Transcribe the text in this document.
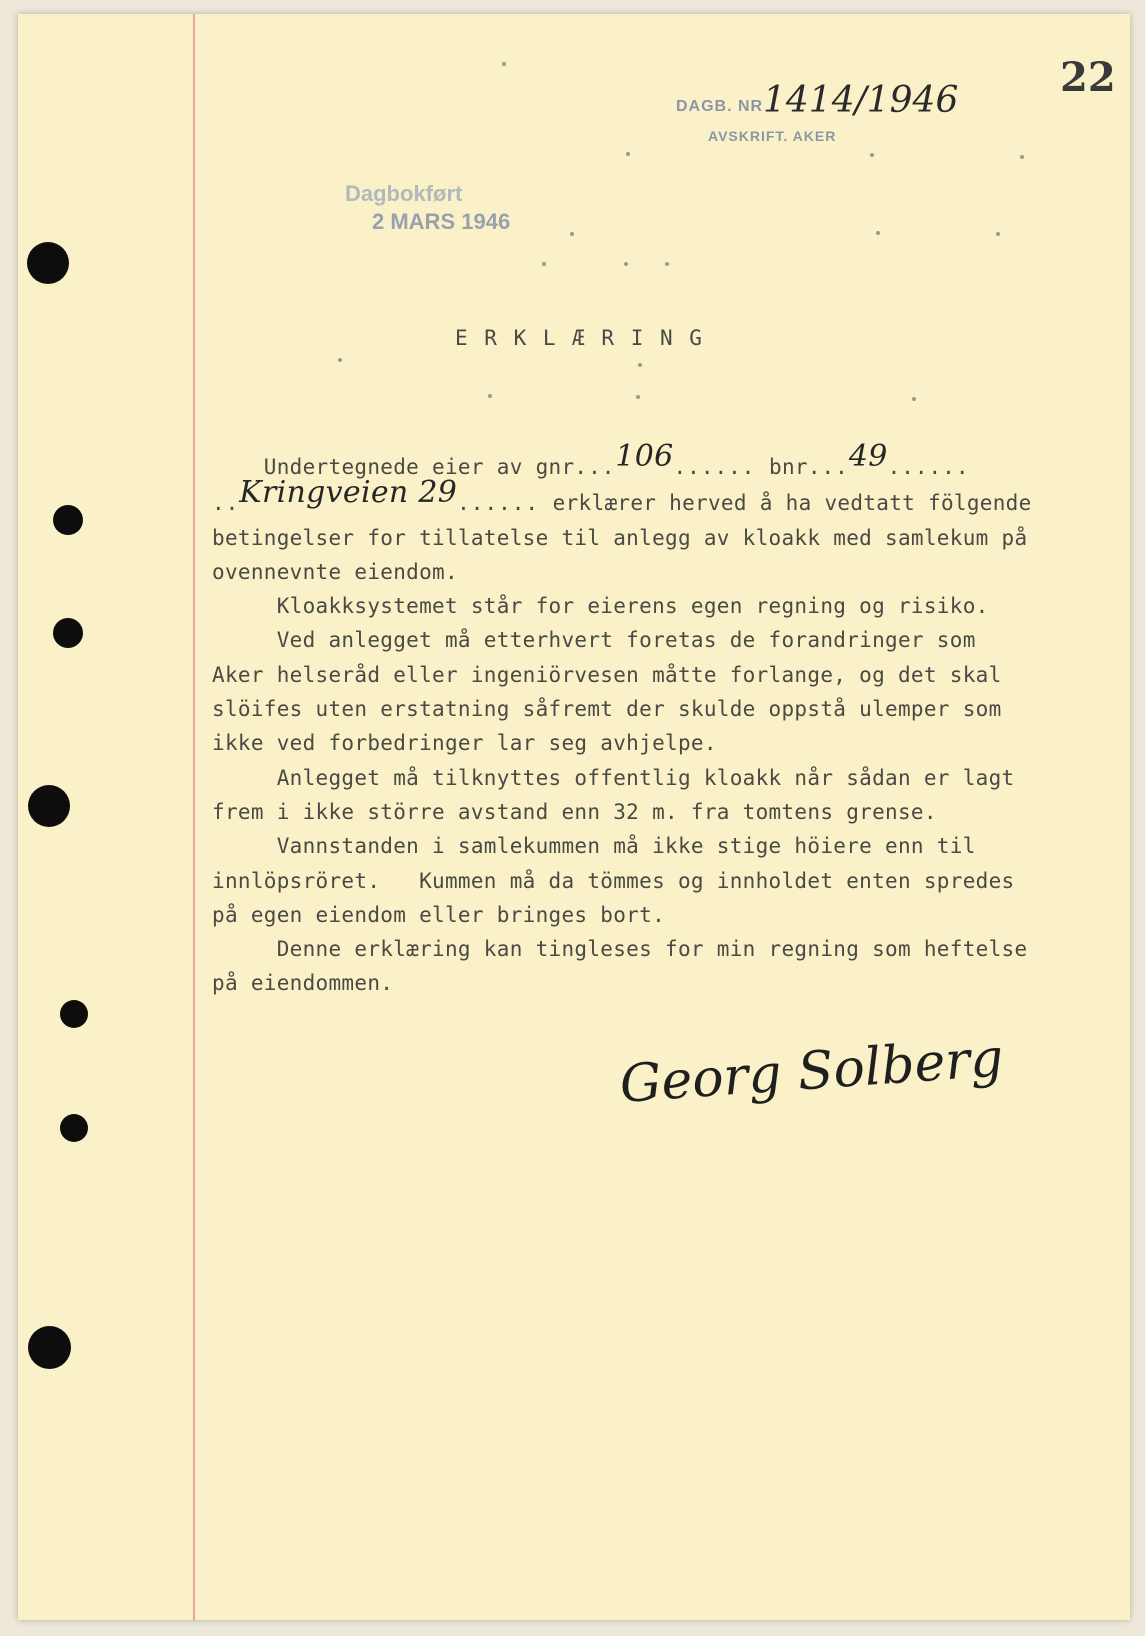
22
DAGB. NR 1414/1946
AVSKRIFT. AKER
Dagbokført
2 MARS 1946
E R K L Æ R I N G
Undertegnede eier av gnr...106...... bnr...49......
..Kringveien 29...... erklærer herved å ha vedtatt fölgende
betingelser for tillatelse til anlegg av kloakk med samlekum på
ovennevnte eiendom.
Kloakksystemet står for eierens egen regning og risiko.
Ved anlegget må etterhvert foretas de forandringer som
Aker helseråd eller ingeniörvesen måtte forlange, og det skal
slöifes uten erstatning såfremt der skulde oppstå ulemper som
ikke ved forbedringer lar seg avhjelpe.
Anlegget må tilknyttes offentlig kloakk når sådan er lagt
frem i ikke större avstand enn 32 m. fra tomtens grense.
Vannstanden i samlekummen må ikke stige höiere enn til
innlöpsröret.   Kummen må da tömmes og innholdet enten spredes
på egen eiendom eller bringes bort.
Denne erklæring kan tingleses for min regning som heftelse
på eiendommen.
Georg Solberg
